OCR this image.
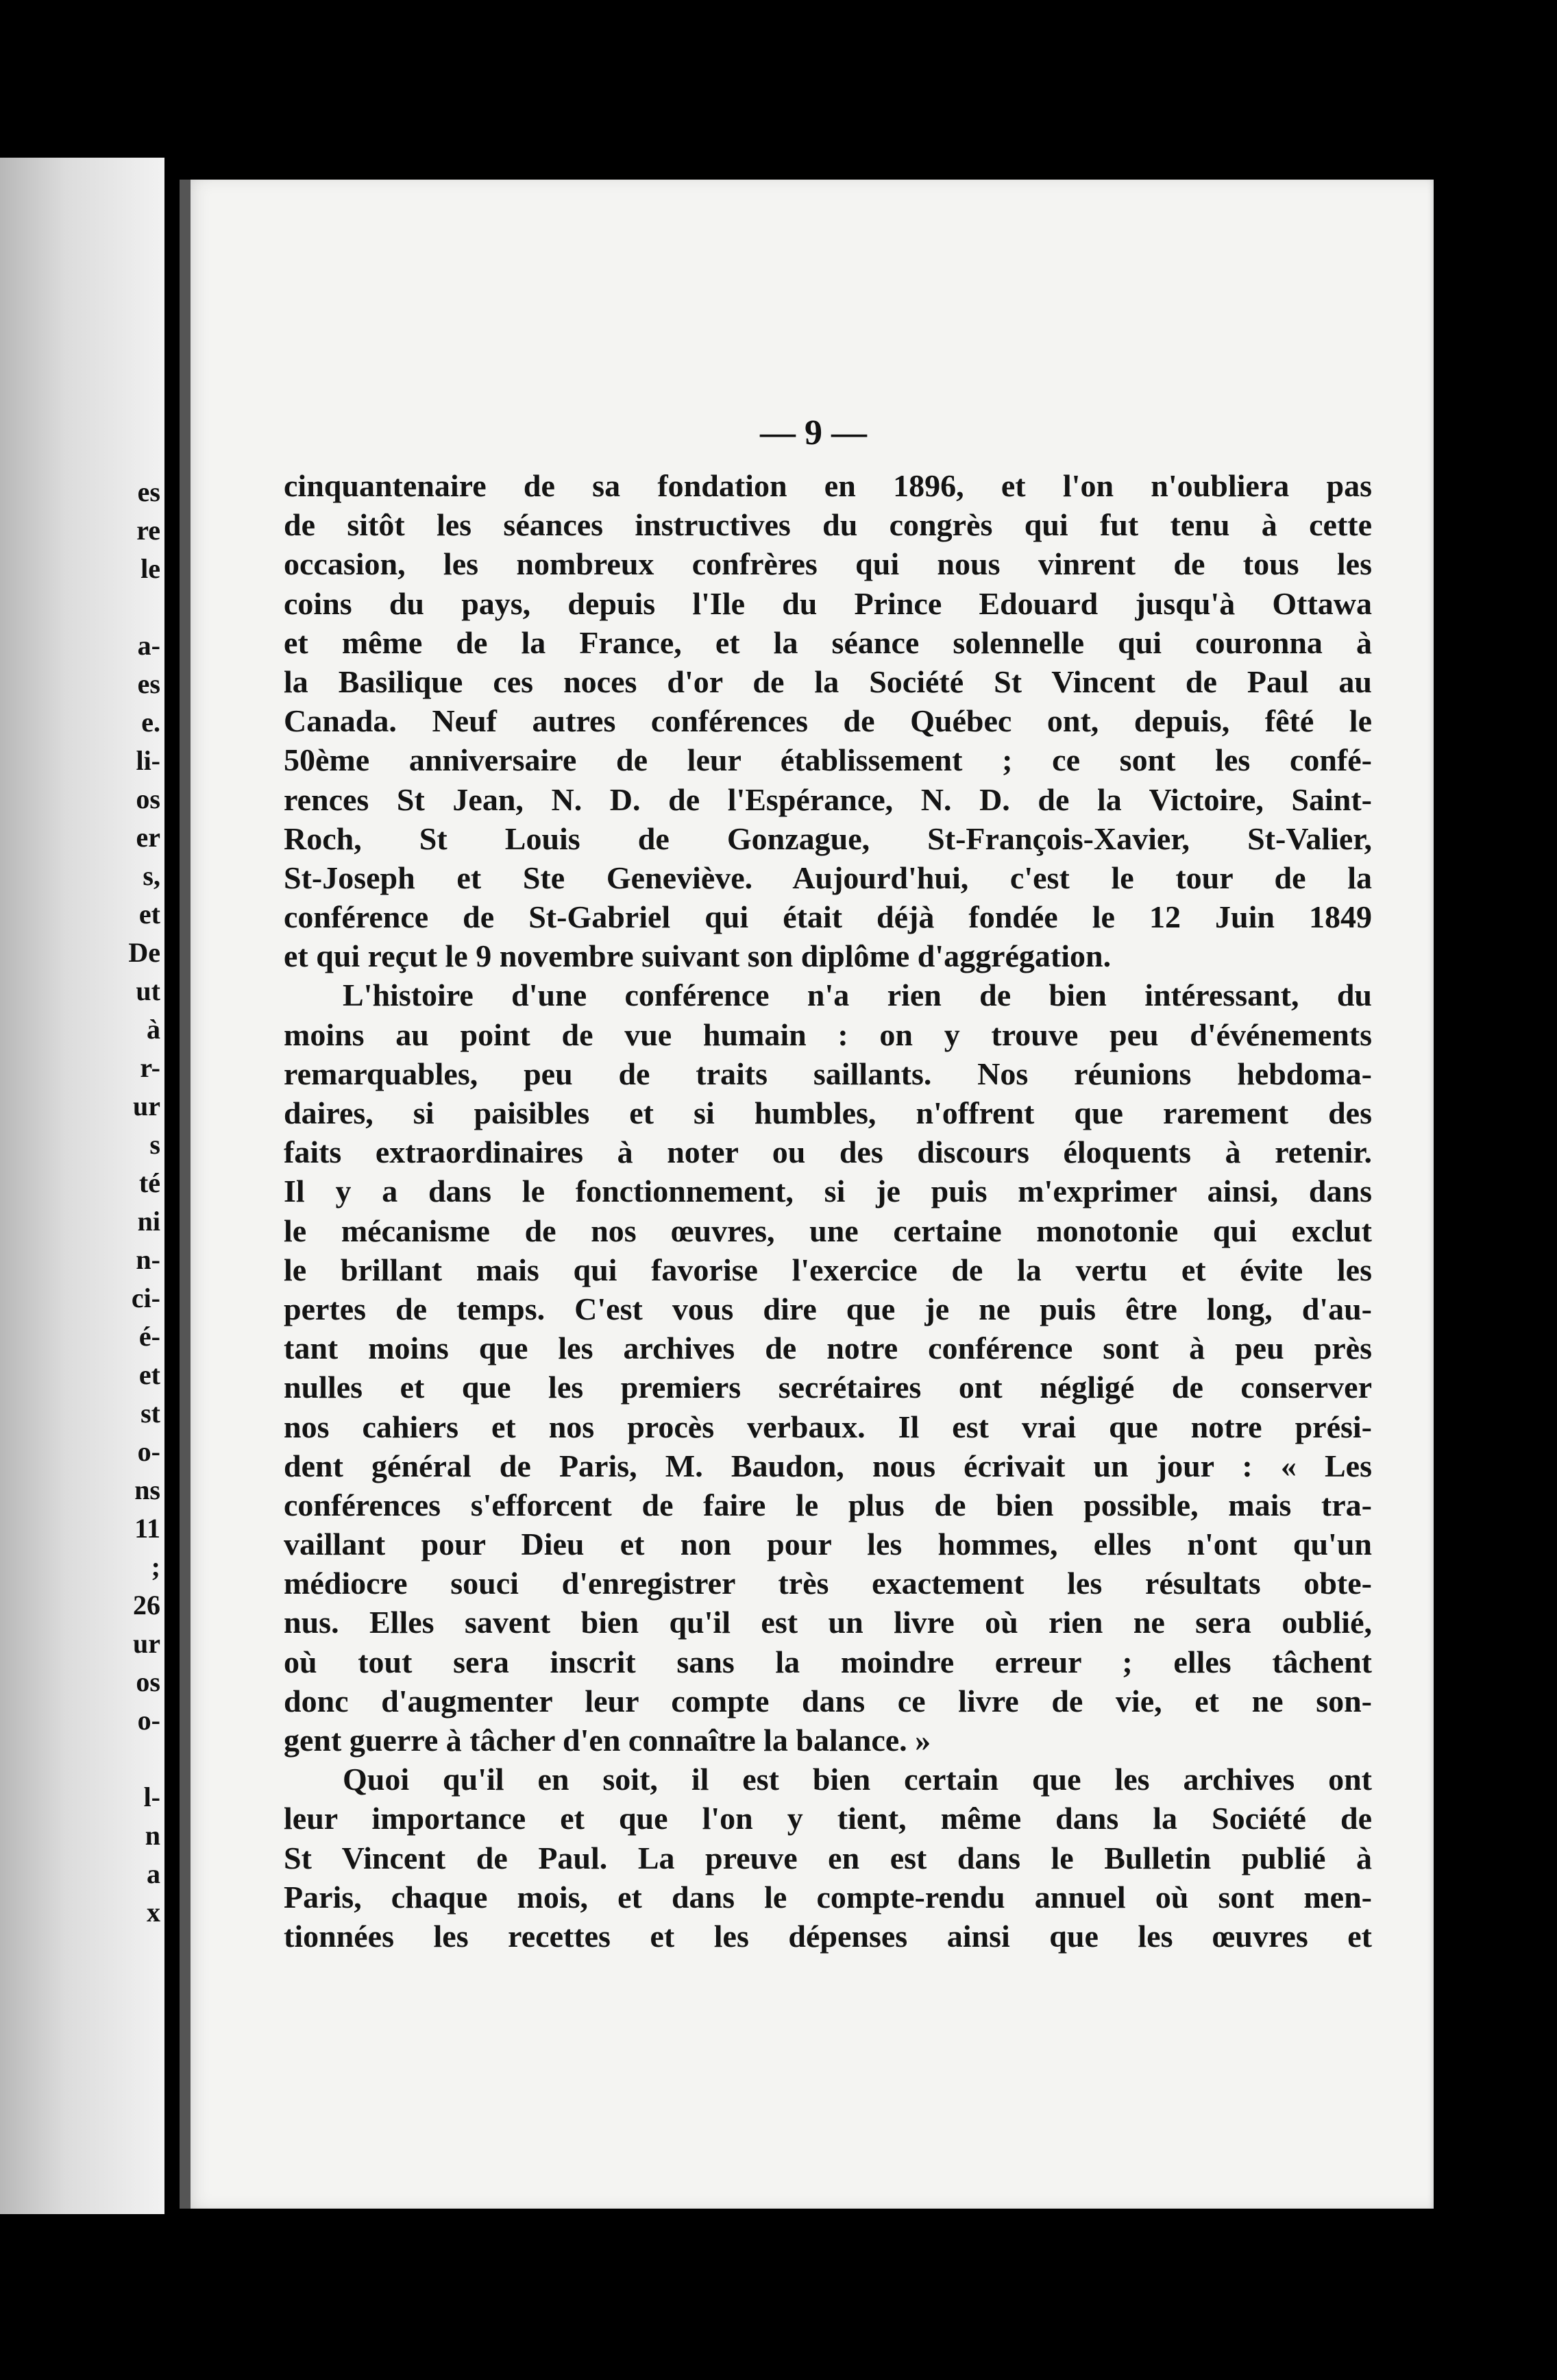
es
re
le
a-
es
e.
li-
os
er
s,
et
De
ut
à
r-
ur
s
té
ni
n-
ci-
é-
et
st
o-
ns
11
;
26
ur
os
o-
l-
n
a
x
— 9 —
cinquantenaire de sa fondation en 1896, et l'on n'oubliera pas
de sitôt les séances instructives du congrès qui fut tenu à cette
occasion, les nombreux confrères qui nous vinrent de tous les
coins du pays, depuis l'Ile du Prince Edouard jusqu'à Ottawa
et même de la France, et la séance solennelle qui couronna à
la Basilique ces noces d'or de la Société St Vincent de Paul au
Canada. Neuf autres conférences de Québec ont, depuis, fêté le
50ème anniversaire de leur établissement ; ce sont les confé-
rences St Jean, N. D. de l'Espérance, N. D. de la Victoire, Saint-
Roch, St Louis de Gonzague, St-François-Xavier, St-Valier,
St-Joseph et Ste Geneviève. Aujourd'hui, c'est le tour de la
conférence de St-Gabriel qui était déjà fondée le 12 Juin 1849
et qui reçut le 9 novembre suivant son diplôme d'aggrégation.
L'histoire d'une conférence n'a rien de bien intéressant, du
moins au point de vue humain : on y trouve peu d'événements
remarquables, peu de traits saillants. Nos réunions hebdoma-
daires, si paisibles et si humbles, n'offrent que rarement des
faits extraordinaires à noter ou des discours éloquents à retenir.
Il y a dans le fonctionnement, si je puis m'exprimer ainsi, dans
le mécanisme de nos œuvres, une certaine monotonie qui exclut
le brillant mais qui favorise l'exercice de la vertu et évite les
pertes de temps. C'est vous dire que je ne puis être long, d'au-
tant moins que les archives de notre conférence sont à peu près
nulles et que les premiers secrétaires ont négligé de conserver
nos cahiers et nos procès verbaux. Il est vrai que notre prési-
dent général de Paris, M. Baudon, nous écrivait un jour : « Les
conférences s'efforcent de faire le plus de bien possible, mais tra-
vaillant pour Dieu et non pour les hommes, elles n'ont qu'un
médiocre souci d'enregistrer très exactement les résultats obte-
nus. Elles savent bien qu'il est un livre où rien ne sera oublié,
où tout sera inscrit sans la moindre erreur ; elles tâchent
donc d'augmenter leur compte dans ce livre de vie, et ne son-
gent guerre à tâcher d'en connaître la balance. »
Quoi qu'il en soit, il est bien certain que les archives ont
leur importance et que l'on y tient, même dans la Société de
St Vincent de Paul. La preuve en est dans le Bulletin publié à
Paris, chaque mois, et dans le compte-rendu annuel où sont men-
tionnées les recettes et les dépenses ainsi que les œuvres et
